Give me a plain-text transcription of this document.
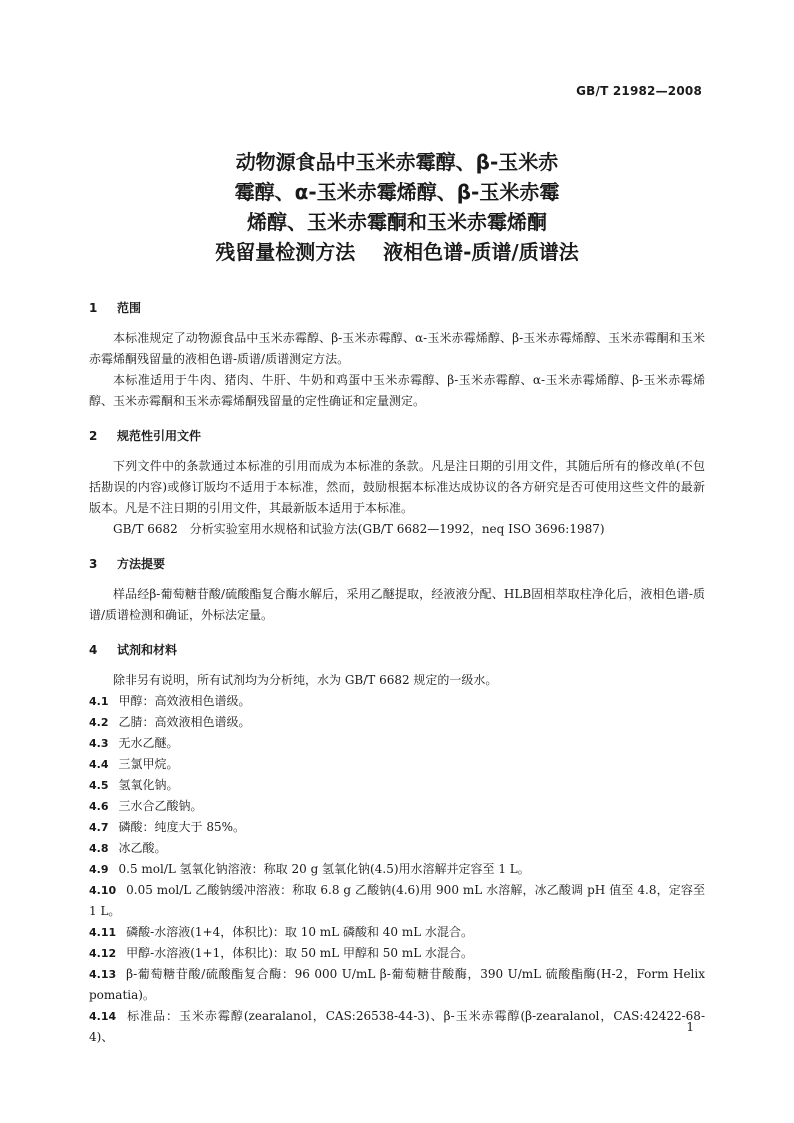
GB/T 21982—2008
动物源食品中玉米赤霉醇、β-玉米赤
霉醇、α-玉米赤霉烯醇、β-玉米赤霉
烯醇、玉米赤霉酮和玉米赤霉烯酮
残留量检测方法    液相色谱-质谱/质谱法
1 范围
本标准规定了动物源食品中玉米赤霉醇、β-玉米赤霉醇、α-玉米赤霉烯醇、β-玉米赤霉烯醇、玉米赤霉酮和玉米赤霉烯酮残留量的液相色谱-质谱/质谱测定方法。
本标准适用于牛肉、猪肉、牛肝、牛奶和鸡蛋中玉米赤霉醇、β-玉米赤霉醇、α-玉米赤霉烯醇、β-玉米赤霉烯醇、玉米赤霉酮和玉米赤霉烯酮残留量的定性确证和定量测定。
2 规范性引用文件
下列文件中的条款通过本标准的引用而成为本标准的条款。凡是注日期的引用文件，其随后所有的修改单(不包括勘误的内容)或修订版均不适用于本标准，然而，鼓励根据本标准达成协议的各方研究是否可使用这些文件的最新版本。凡是不注日期的引用文件，其最新版本适用于本标准。
GB/T 6682　分析实验室用水规格和试验方法(GB/T 6682—1992，neq ISO 3696:1987)
3 方法提要
样品经β-葡萄糖苷酸/硫酸酯复合酶水解后，采用乙醚提取，经液液分配、HLB固相萃取柱净化后，液相色谱-质谱/质谱检测和确证，外标法定量。
4 试剂和材料
除非另有说明，所有试剂均为分析纯，水为 GB/T 6682 规定的一级水。
4.1 甲醇：高效液相色谱级。
4.2 乙腈：高效液相色谱级。
4.3 无水乙醚。
4.4 三氯甲烷。
4.5 氢氧化钠。
4.6 三水合乙酸钠。
4.7 磷酸：纯度大于 85%。
4.8 冰乙酸。
4.9 0.5 mol/L 氢氧化钠溶液：称取 20 g 氢氧化钠(4.5)用水溶解并定容至 1 L。
4.10 0.05 mol/L 乙酸钠缓冲溶液：称取 6.8 g 乙酸钠(4.6)用 900 mL 水溶解，冰乙酸调 pH 值至 4.8，定容至 1 L。
4.11 磷酸-水溶液(1+4，体积比)：取 10 mL 磷酸和 40 mL 水混合。
4.12 甲醇-水溶液(1+1，体积比)：取 50 mL 甲醇和 50 mL 水混合。
4.13 β-葡萄糖苷酸/硫酸酯复合酶：96 000 U/mL β-葡萄糖苷酸酶，390 U/mL 硫酸酯酶(H-2，Form Helix pomatia)。
4.14 标准品：玉米赤霉醇(zearalanol，CAS:26538-44-3)、β-玉米赤霉醇(β-zearalanol，CAS:42422-68-4)、
1
